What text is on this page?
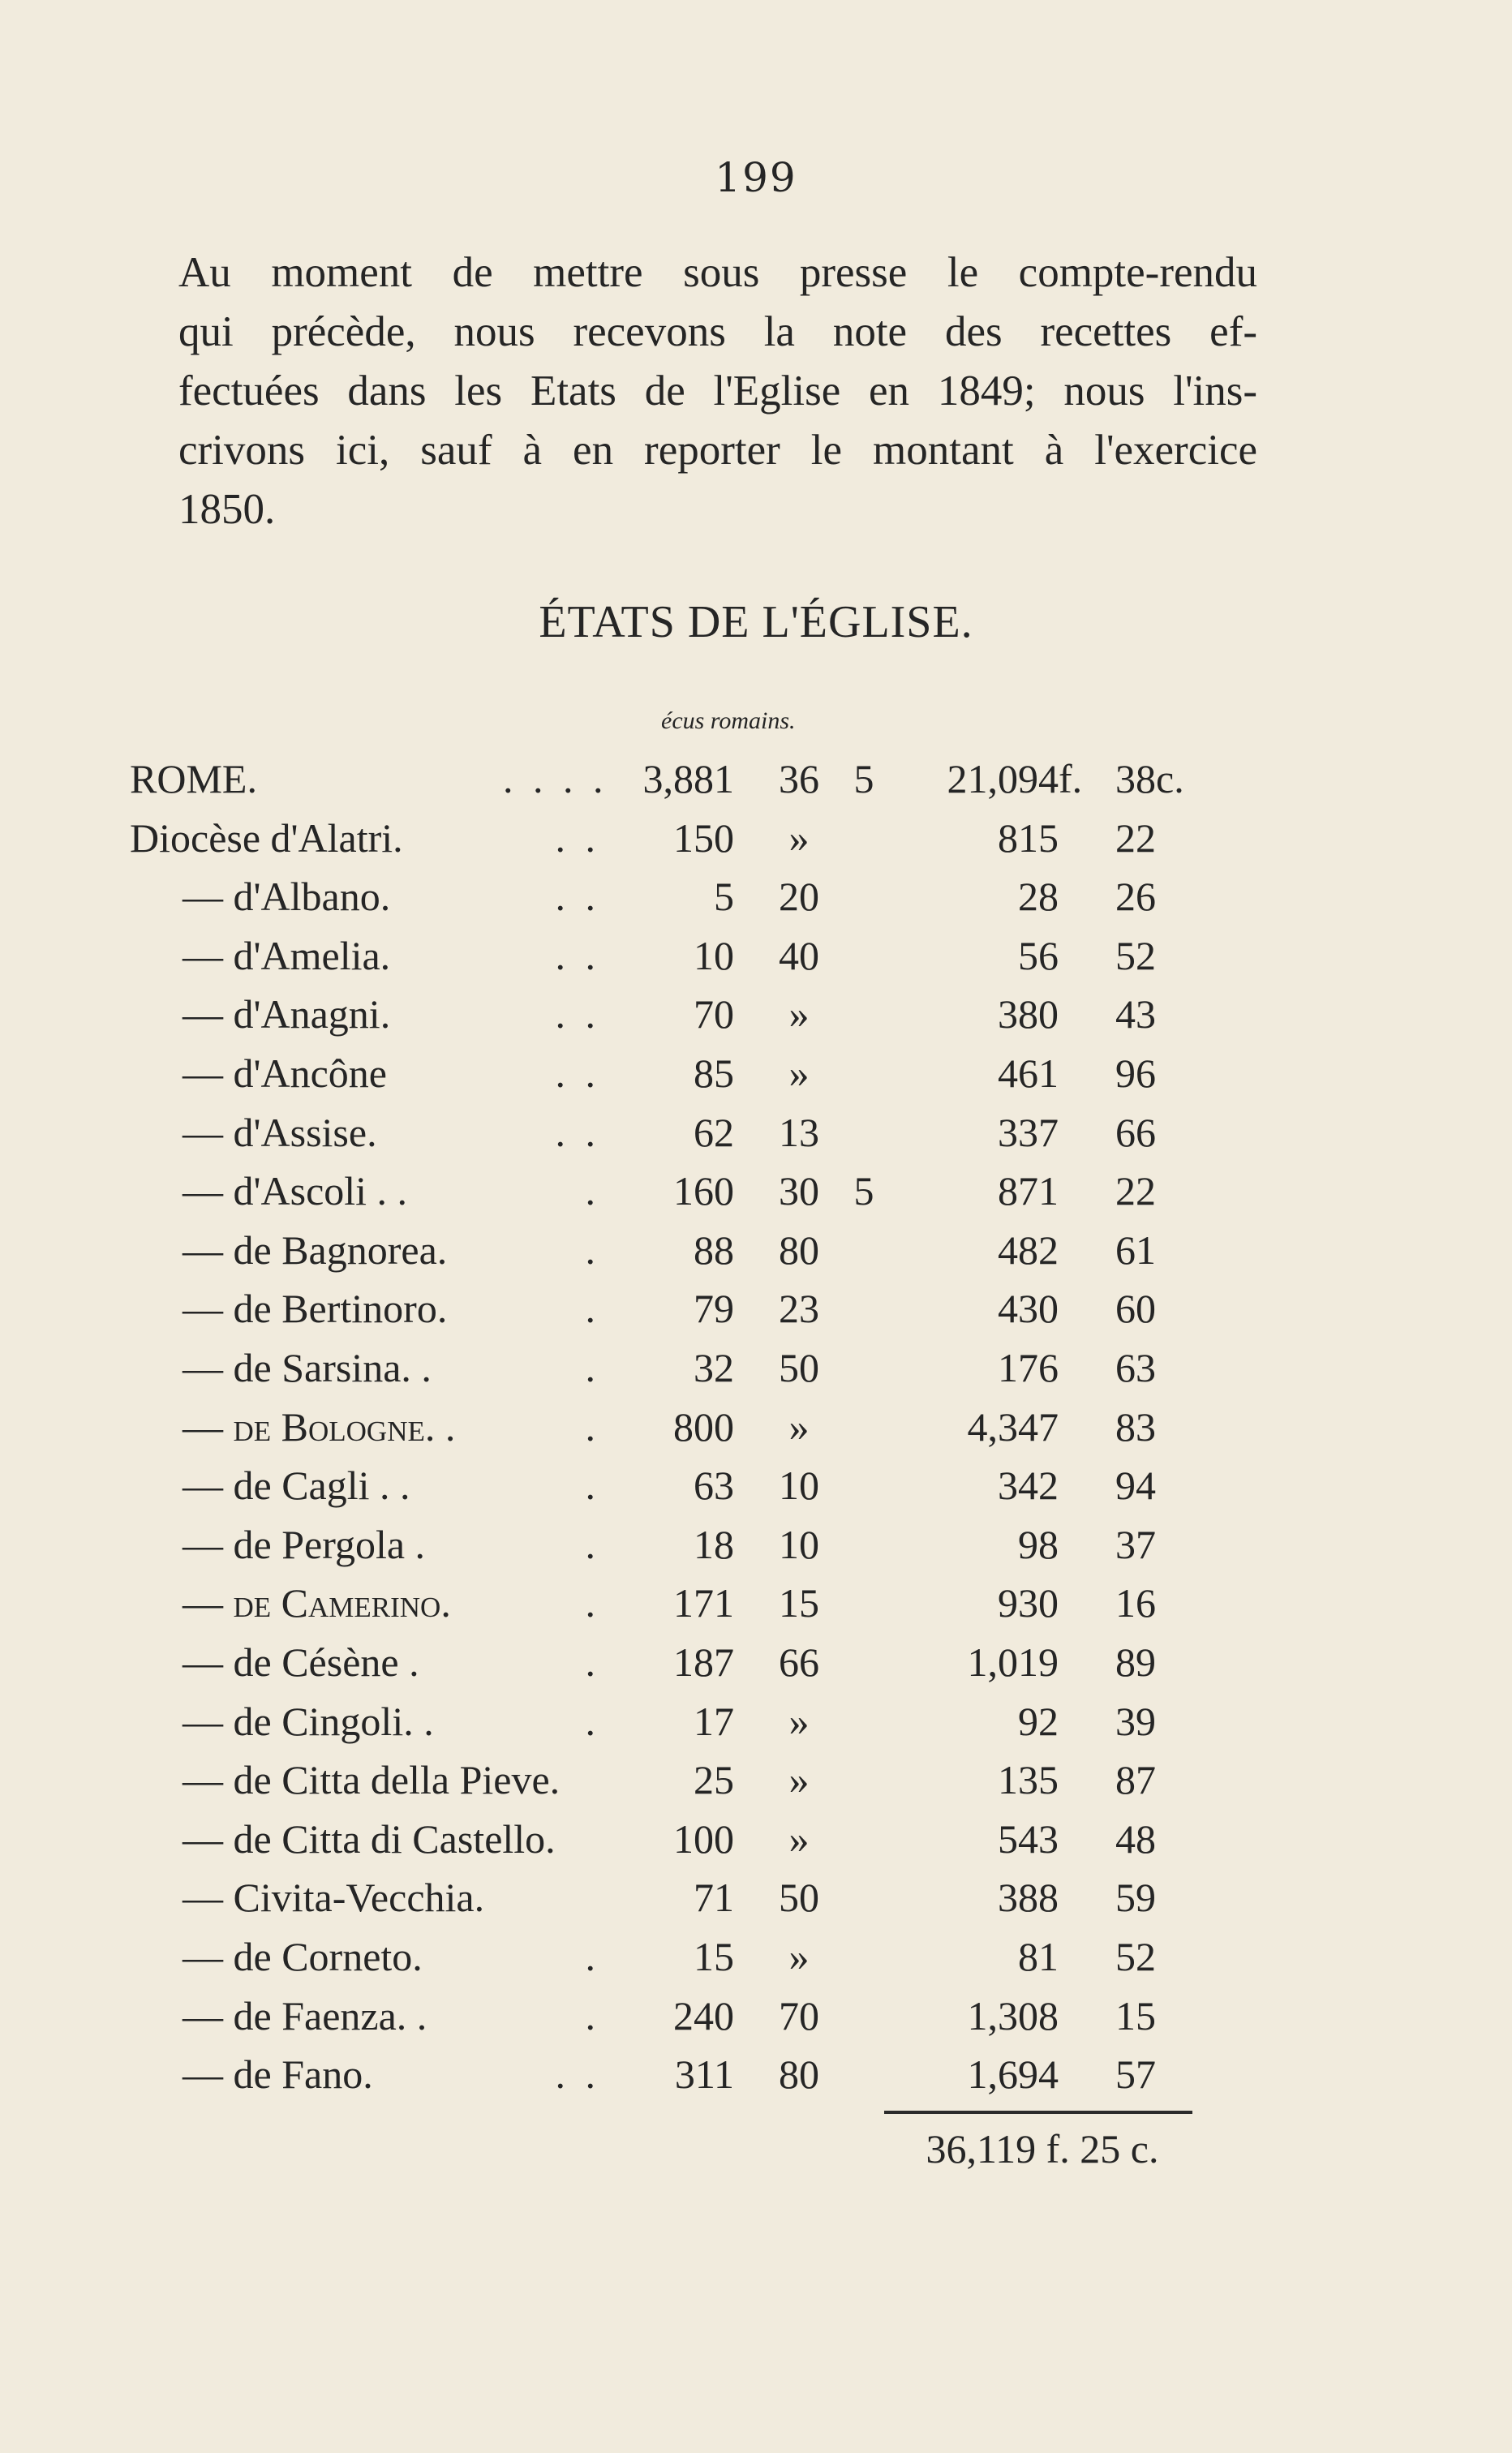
199
Au moment de mettre sous presse le compte-rendu
qui précède, nous recevons la note des recettes ef-
fectuées dans les Etats de l'Eglise en 1849; nous l'ins-
crivons ici, sauf à en reporter le montant à l'exercice
1850.
ÉTATS DE L'ÉGLISE.
écus romains.
ROME.	. . . . 3,881	36 5	21,094 f. 38 c.
Diocèse d'Alatri.	. .	150	»	815	22
— d'Albano.	. .	5	20	28	26
— d'Amelia.	. .	10	40	56	52
— d'Anagni.	. .	70	»	380	43
— d'Ancône	. .	85	»	461	96
— d'Assise.	. .	62	13	337	66
— d'Ascoli . .	.	160	30 5	871	22
— de Bagnorea.	.	88	80	482	61
— de Bertinoro.	.	79	23	430	60
— de Sarsina. .	.	32	50	176	63
— de Bologne. .	.	800	»	4,347	83
— de Cagli . .	.	63	10	342	94
— de Pergola .	.	18	10	98	37
— de Camerino.	.	171	15	930	16
— de Césène .	.	187	66	1,019	89
— de Cingoli. .	.	17	»	92	39
— de Citta della Pieve.	25	»	135	87
— de Citta di Castello.	100	»	543	48
— Civita-Vecchia.	71	50	388	59
— de Corneto.	.	15	»	81	52
— de Faenza. .	.	240	70	1,308	15
— de Fano.	. .	311	80	1,694	57
36,119 f. 25 c.
